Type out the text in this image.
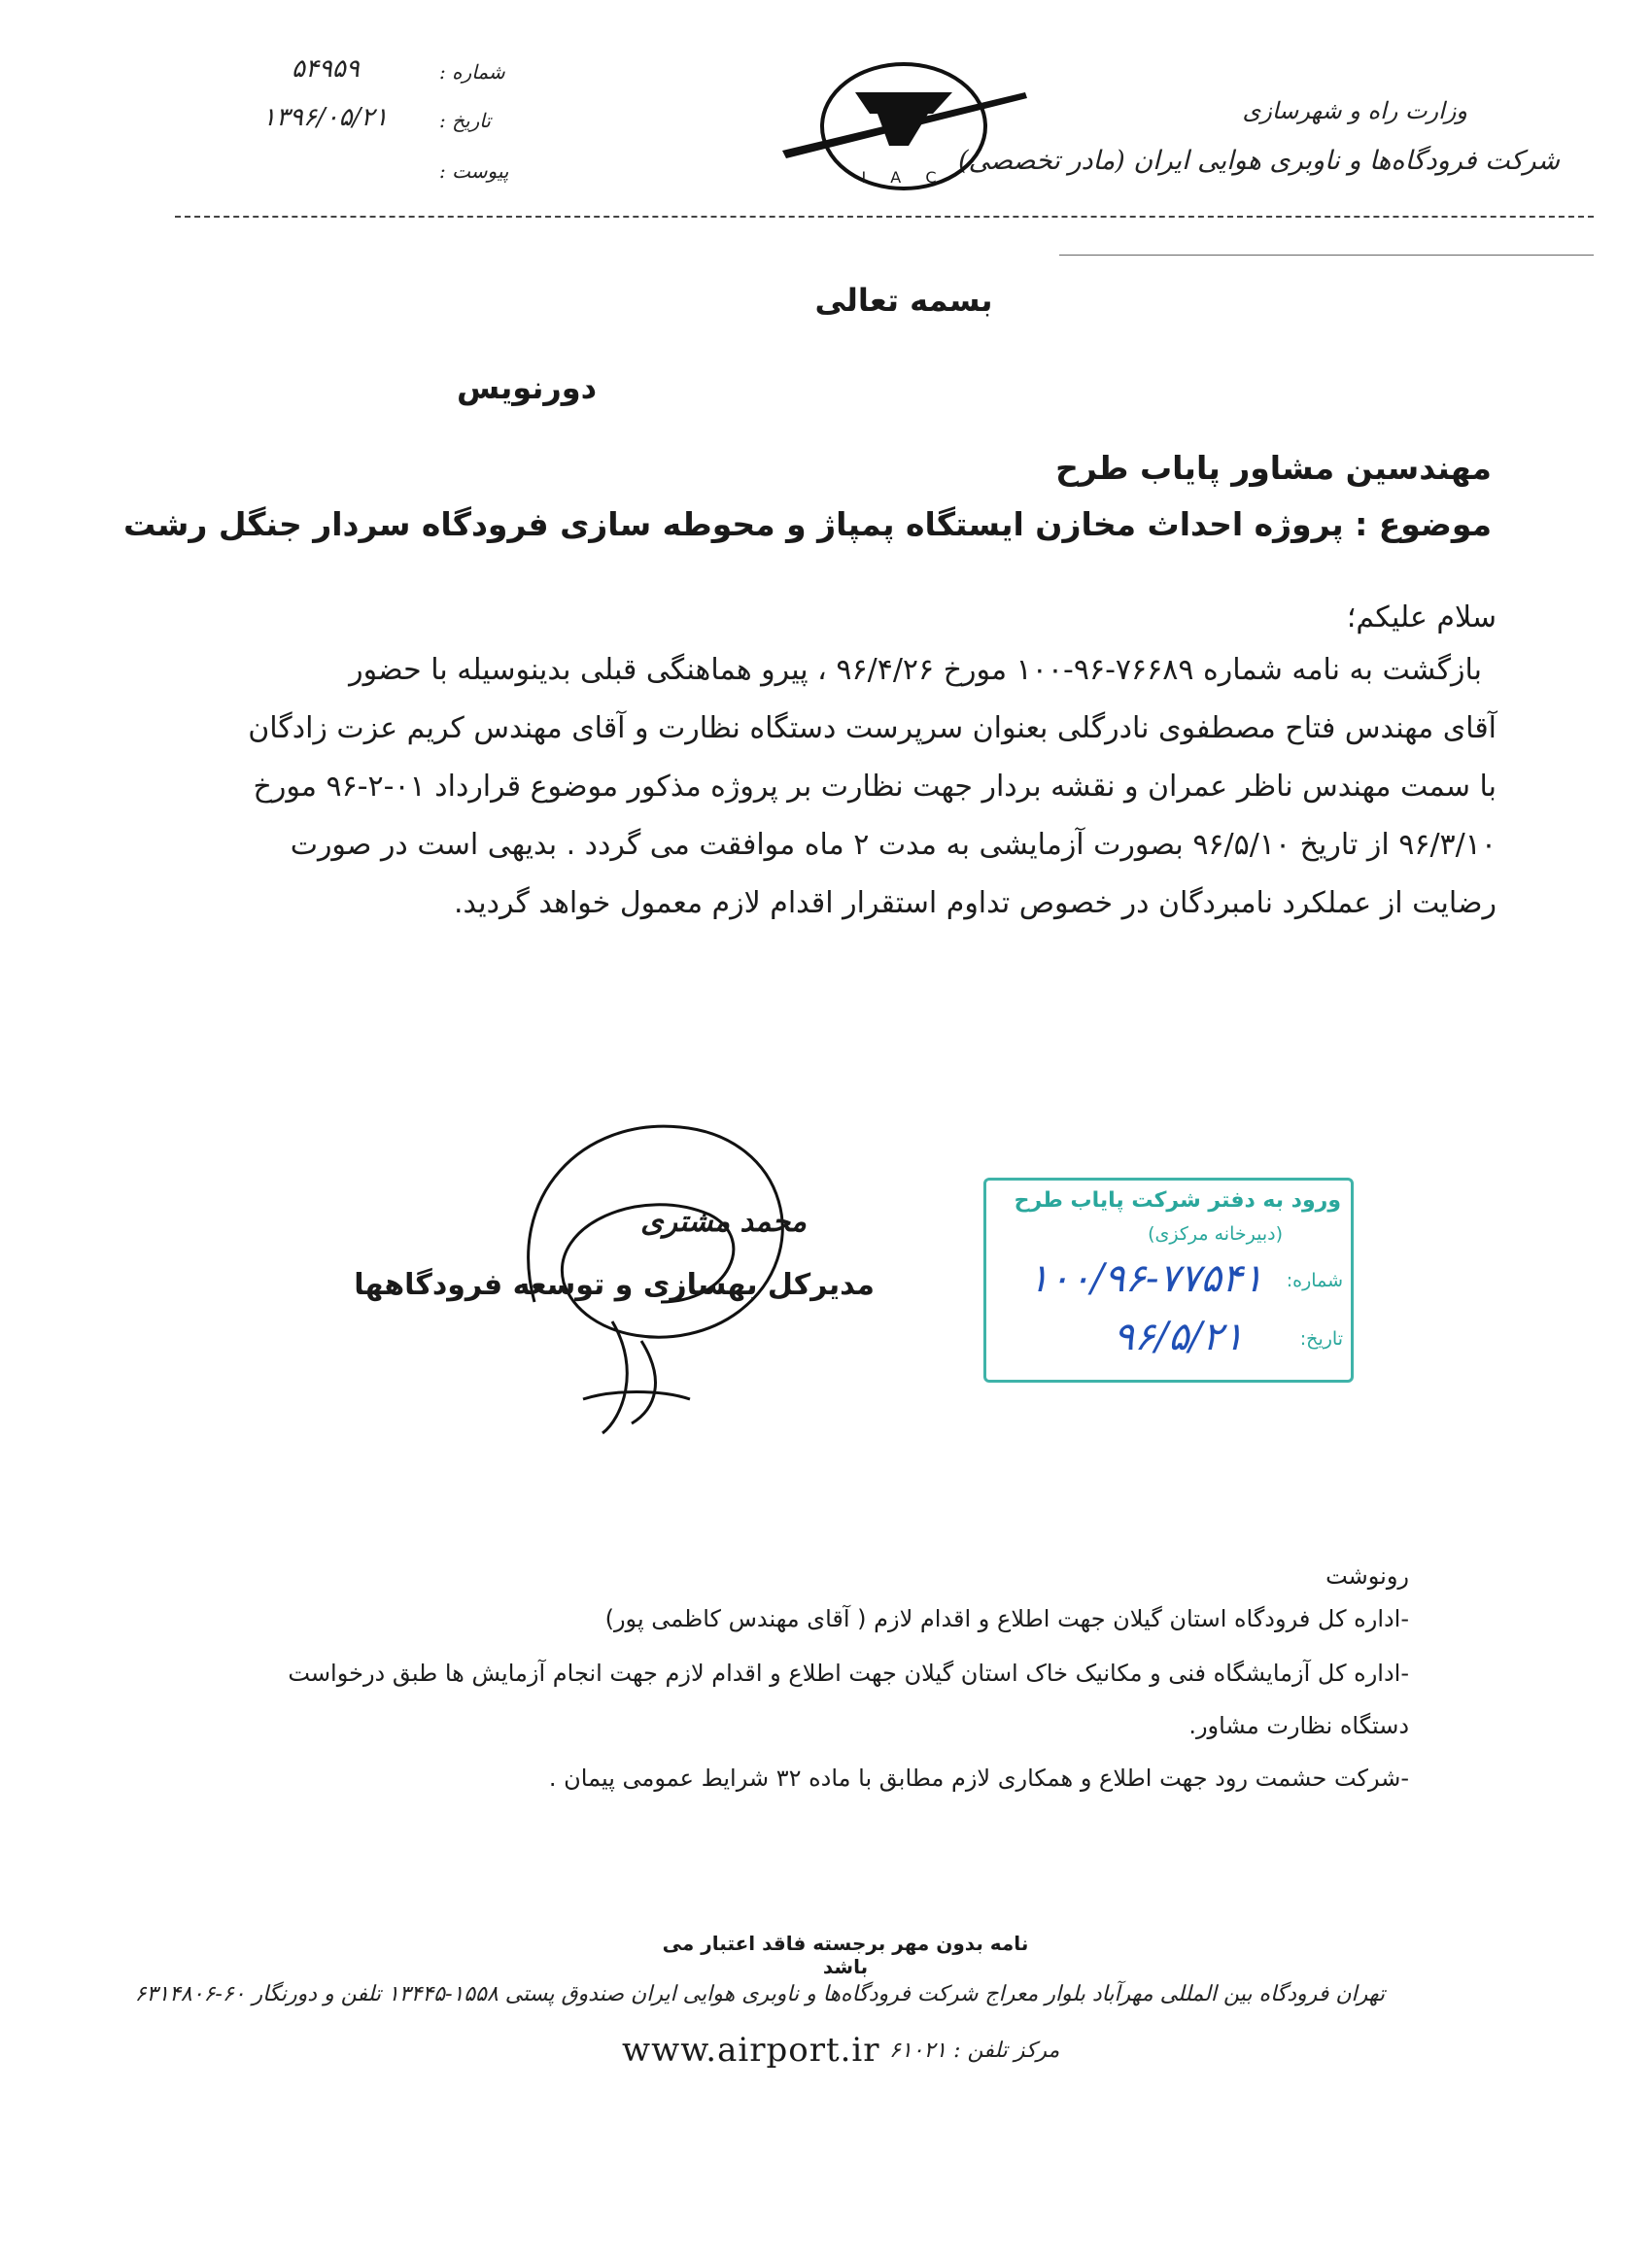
وزارت راه و شهرسازی
شرکت فرودگاه‌ها و ناوبری هوایی ایران (مادر تخصصی)
I A C
شماره :
۵۴۹۵۹
تاریخ :
۱۳۹۶/۰۵/۲۱
پیوست :
بسمه تعالی
دورنویس
مهندسین مشاور پایاب طرح
موضوع : پروژه احداث مخازن ایستگاه پمپاژ و محوطه سازی فرودگاه سردار جنگل رشت
سلام علیکم؛
بازگشت به نامه شماره ۷۶۶۸۹-۹۶-۱۰۰ مورخ ۹۶/۴/۲۶ ، پیرو هماهنگی قبلی بدینوسیله با حضور
آقای مهندس فتاح مصطفوی نادرگلی بعنوان سرپرست دستگاه نظارت و آقای مهندس کریم عزت زادگان
با سمت مهندس ناظر عمران و نقشه بردار جهت نظارت بر پروژه مذکور موضوع قرارداد ۰۱-۲-۹۶ مورخ
۹۶/۳/۱۰ از تاریخ ۹۶/۵/۱۰ بصورت آزمایشی به مدت ۲ ماه موافقت می گردد . بدیهی است در صورت
رضایت از عملکرد نامبردگان در خصوص تداوم استقرار اقدام لازم معمول خواهد گردید.
محمد مشتری
مدیرکل بهسازی و توسعه فرودگاهها
ورود به دفتر شرکت پایاب طرح
(دبیرخانه مرکزی)
شماره:
۱۰۰/۹۶-۷۷۵۴۱
تاریخ:
۹۶/۵/۲۱
رونوشت
-اداره کل فرودگاه استان گیلان جهت اطلاع و اقدام لازم ( آقای مهندس کاظمی پور)
-اداره کل آزمایشگاه فنی و مکانیک خاک استان گیلان جهت اطلاع و اقدام لازم جهت انجام آزمایش ها طبق درخواست
دستگاه نظارت مشاور.
-شرکت حشمت رود جهت اطلاع و همکاری لازم مطابق با ماده ۳۲ شرایط عمومی پیمان .
نامه بدون مهر برجسته فاقد اعتبار می باشد
تهران فرودگاه بین المللی مهرآباد بلوار معراج شرکت فرودگاه‌ها و ناوبری هوایی ایران صندوق پستی ۱۵۵۸-۱۳۴۴۵ تلفن و دورنگار ۶۰-۶۳۱۴۸۰۶
www.airport.ir مرکز تلفن : ۶۱۰۲۱
